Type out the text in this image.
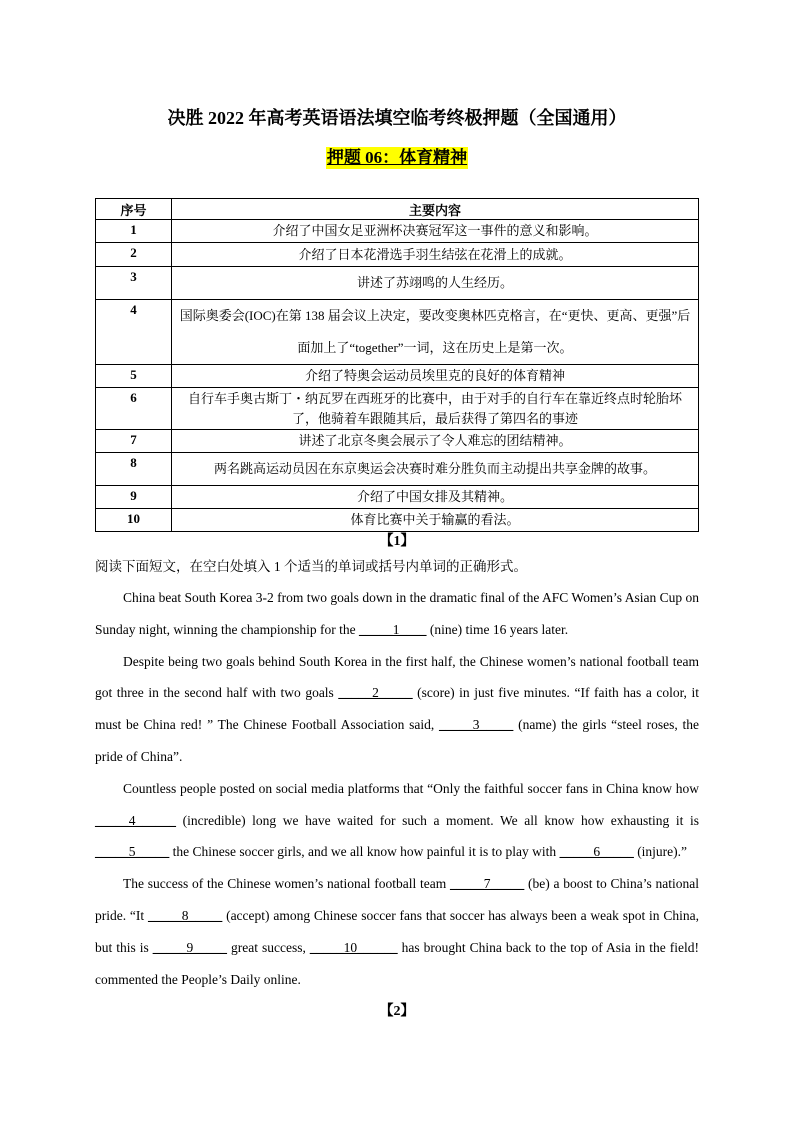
决胜 2022 年高考英语语法填空临考终极押题（全国通用）
押题 06：体育精神
序号	主要内容
1	介绍了中国女足亚洲杯决赛冠军这一事件的意义和影响。
2	介绍了日本花滑选手羽生结弦在花滑上的成就。
3	讲述了苏翊鸣的人生经历。
4	国际奥委会(IOC)在第 138 届会议上决定，要改变奥林匹克格言，在“更快、更高、更强”后面加上了“together”一词，这在历史上是第一次。
5	介绍了特奥会运动员埃里克的良好的体育精神
6	自行车手奥古斯丁・纳瓦罗在西班牙的比赛中，由于对手的自行车在靠近终点时轮胎坏了，他骑着车跟随其后，最后获得了第四名的事迹
7	讲述了北京冬奥会展示了令人难忘的团结精神。
8	两名跳高运动员因在东京奥运会决赛时难分胜负而主动提出共享金牌的故事。
9	介绍了中国女排及其精神。
10	体育比赛中关于输赢的看法。
【1】
阅读下面短文，在空白处填入 1 个适当的单词或括号内单词的正确形式。

China beat South Korea 3-2 from two goals down in the dramatic final of the AFC Women’s Asian Cup on Sunday night, winning the championship for the _____1____ (nine) time 16 years later.

Despite being two goals behind South Korea in the first half, the Chinese women’s national football team got three in the second half with two goals _____2_____ (score) in just five minutes. “If faith has a color, it must be China red! ” The Chinese Football Association said, _____3_____ (name) the girls “steel roses, the pride of China”.

Countless people posted on social media platforms that “Only the faithful soccer fans in China know how _____4______ (incredible) long we have waited for such a moment. We all know how exhausting it is _____5_____ the Chinese soccer girls, and we all know how painful it is to play with _____6_____ (injure).”

The success of the Chinese women’s national football team _____7_____ (be) a boost to China’s national pride. “It _____8_____ (accept) among Chinese soccer fans that soccer has always been a weak spot in China, but this is _____9_____ great success, _____10______ has brought China back to the top of Asia in the field! commented the People’s Daily online.

【2】
